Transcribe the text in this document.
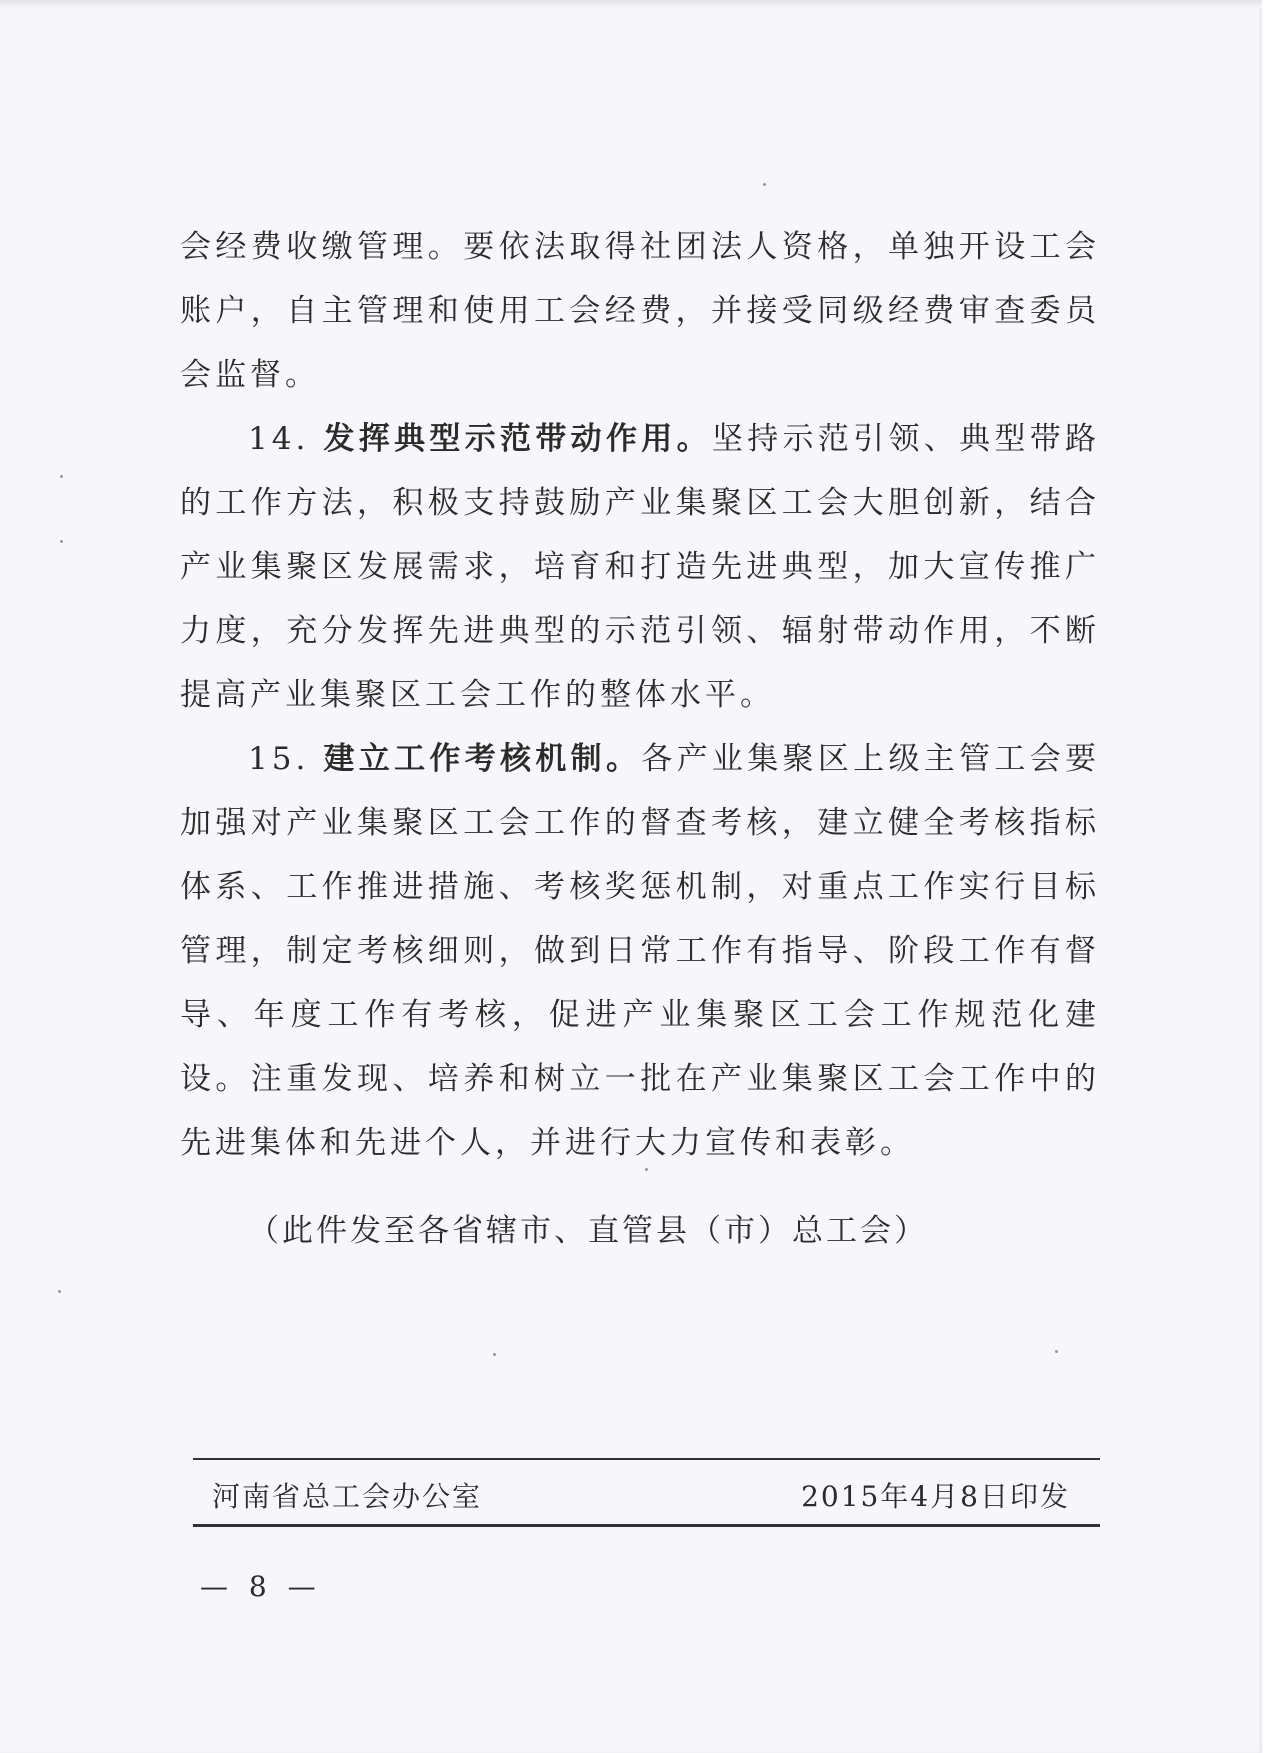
会经费收缴管理。要依法取得社团法人资格，单独开设工会账户，自主管理和使用工会经费，并接受同级经费审查委员会监督。

14. 发挥典型示范带动作用。坚持示范引领、典型带路的工作方法，积极支持鼓励产业集聚区工会大胆创新，结合产业集聚区发展需求，培育和打造先进典型，加大宣传推广力度，充分发挥先进典型的示范引领、辐射带动作用，不断提高产业集聚区工会工作的整体水平。

15. 建立工作考核机制。各产业集聚区上级主管工会要加强对产业集聚区工会工作的督查考核，建立健全考核指标体系、工作推进措施、考核奖惩机制，对重点工作实行目标管理，制定考核细则，做到日常工作有指导、阶段工作有督导、年度工作有考核，促进产业集聚区工会工作规范化建设。注重发现、培养和树立一批在产业集聚区工会工作中的先进集体和先进个人，并进行大力宣传和表彰。

（此件发至各省辖市、直管县（市）总工会）
河南省总工会办公室	2015年4月8日印发
— 8 —
